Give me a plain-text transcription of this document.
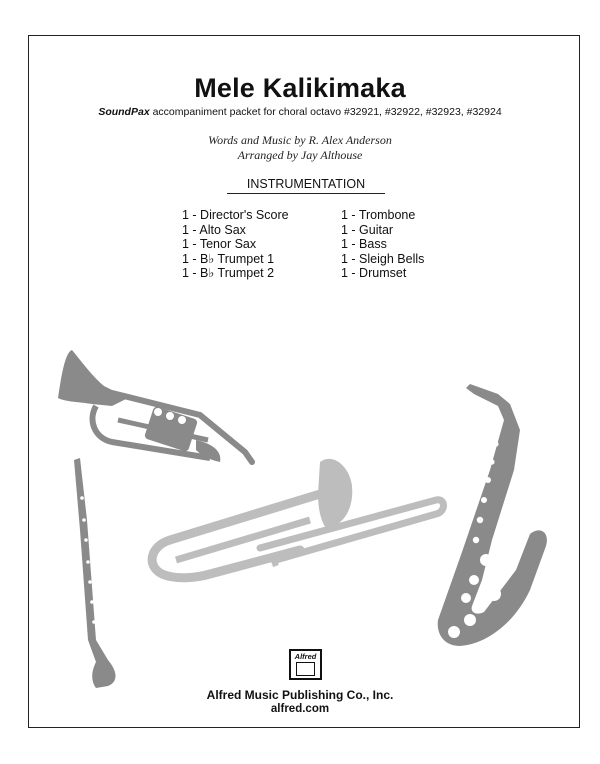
Mele Kalikimaka
SoundPax accompaniment packet for choral octavo #32921, #32922, #32923, #32924
Words and Music by R. Alex Anderson
Arranged by Jay Althouse
INSTRUMENTATION
1 - Director's Score
1 - Alto Sax
1 - Tenor Sax
1 - B♭ Trumpet 1
1 - B♭ Trumpet 2
1 - Trombone
1 - Guitar
1 - Bass
1 - Sleigh Bells
1 - Drumset
Alfred
Alfred Music Publishing Co., Inc.
alfred.com
